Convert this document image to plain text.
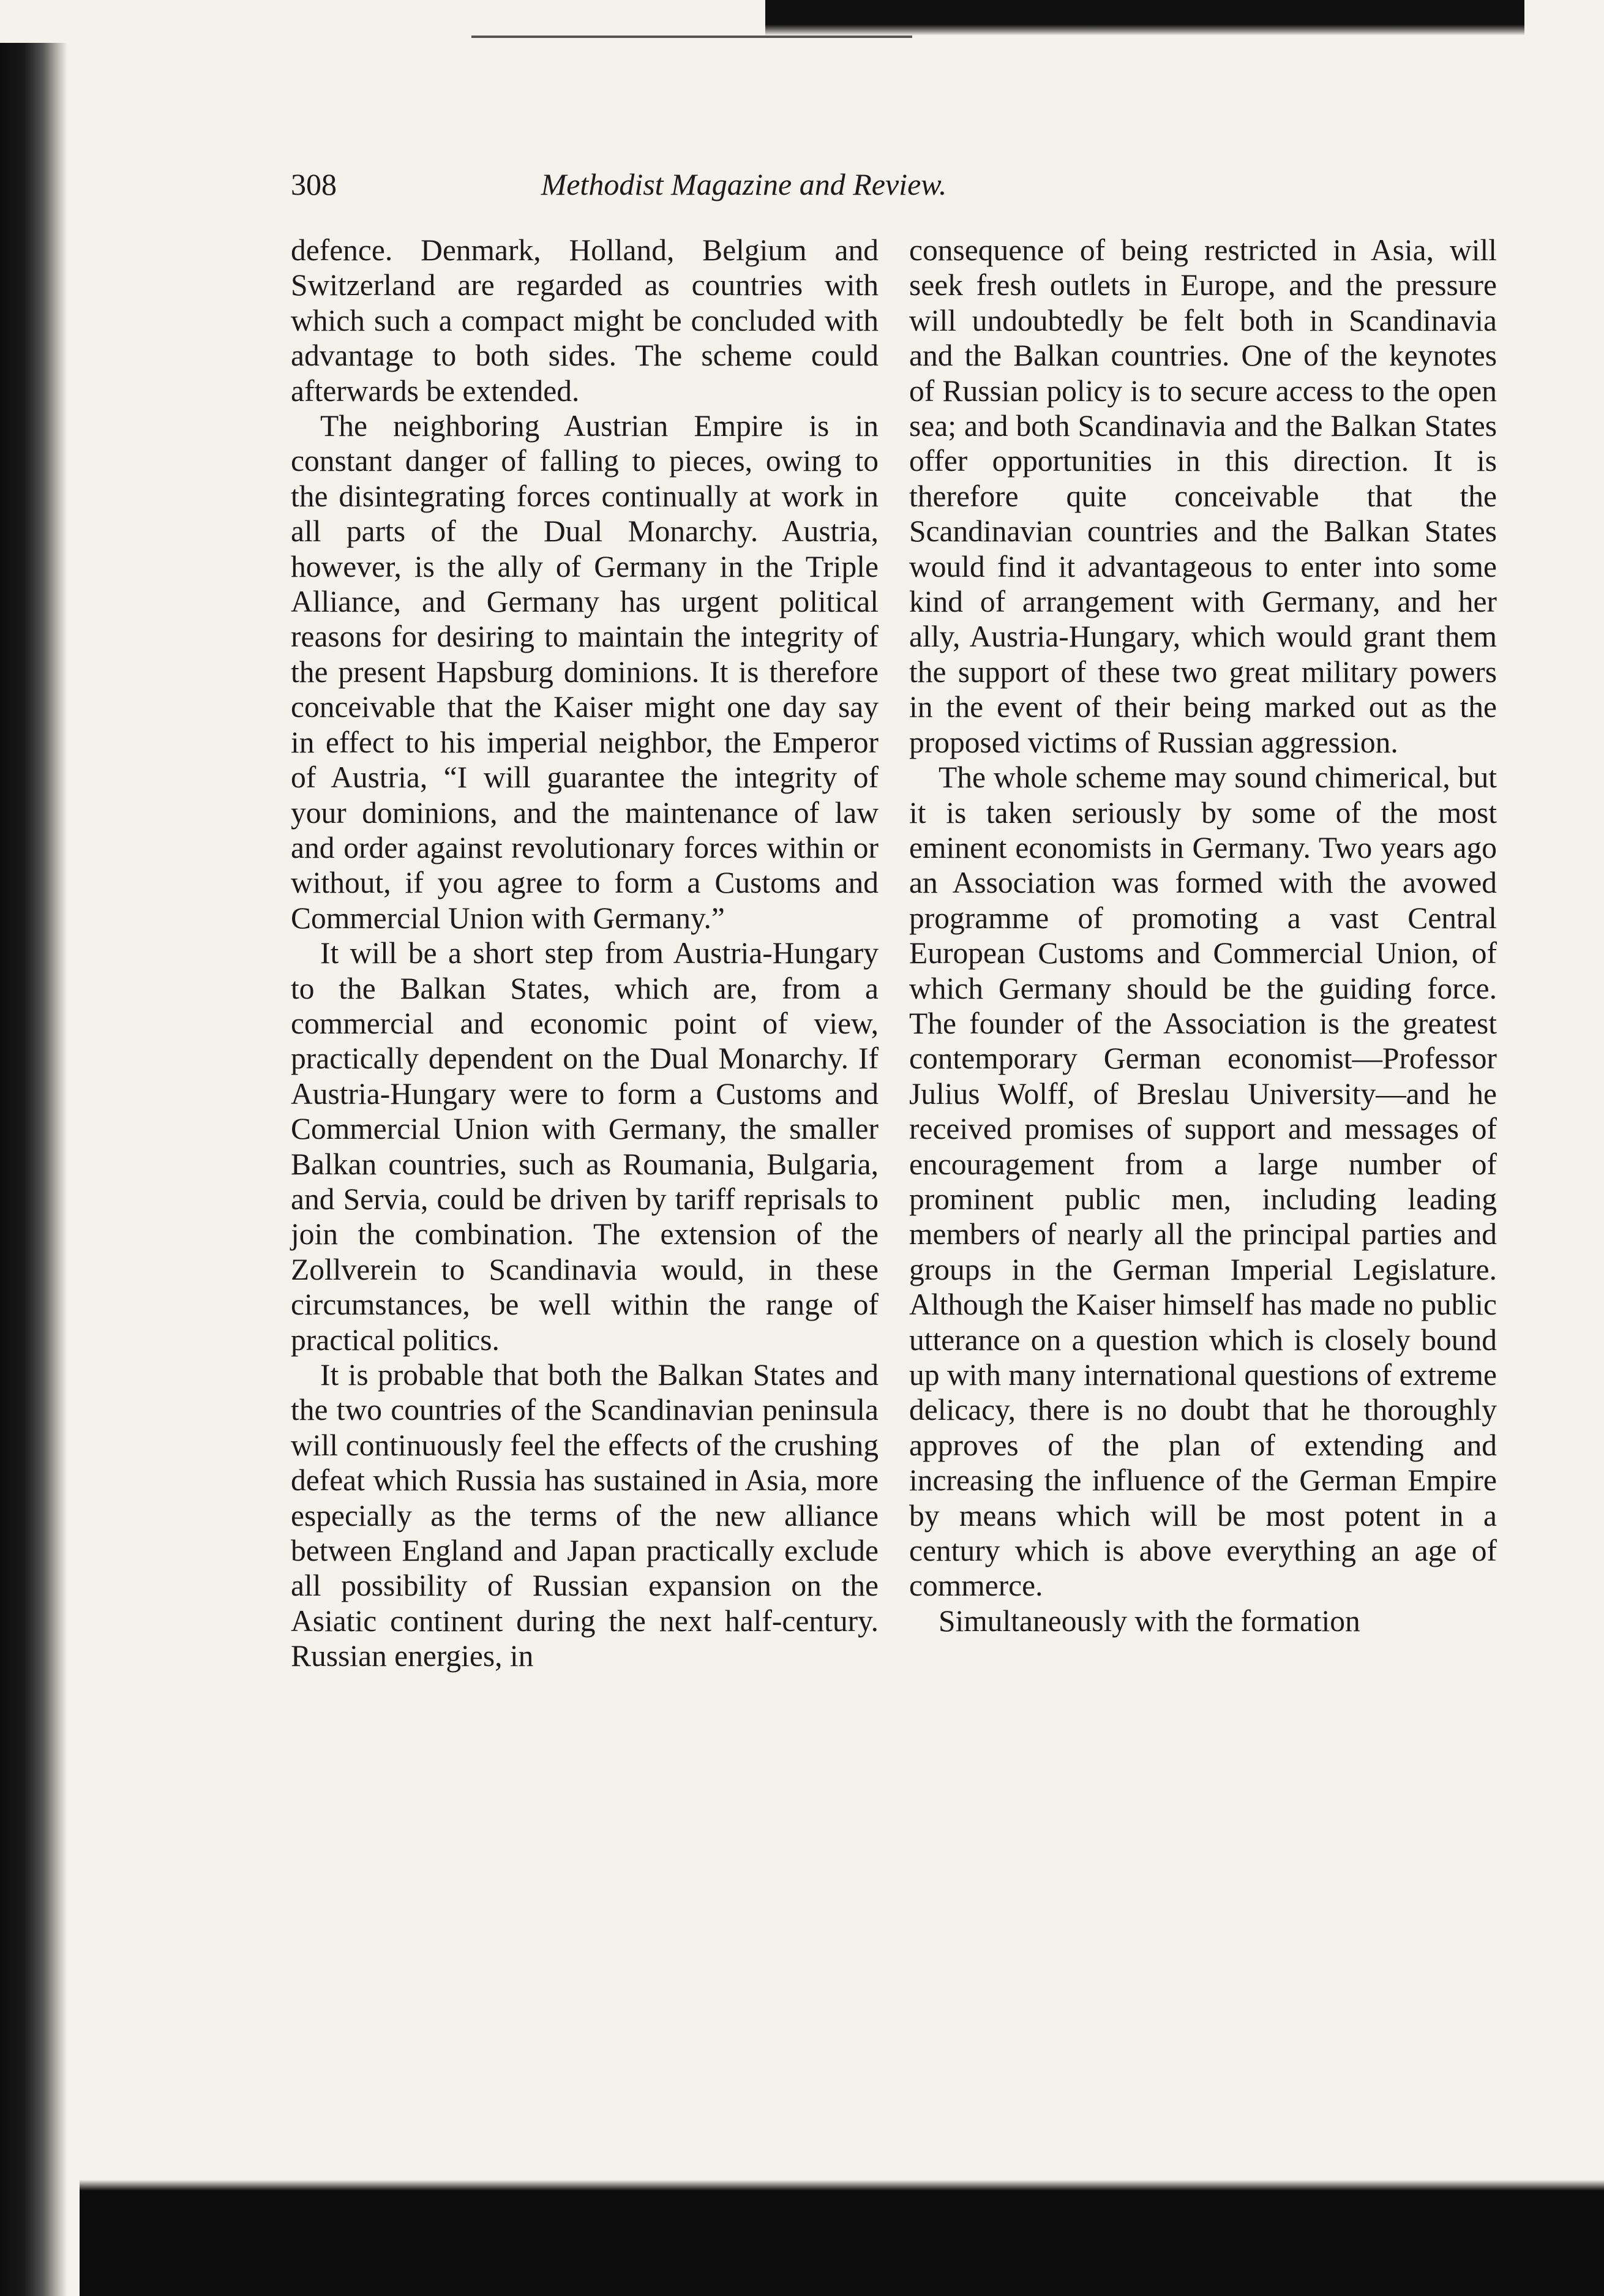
308	Methodist Magazine and Review.

defence. Denmark, Holland, Belgium and Switzerland are regarded as countries with which such a compact might be concluded with advantage to both sides. The scheme could afterwards be extended.

The neighboring Austrian Empire is in constant danger of falling to pieces, owing to the disintegrating forces continually at work in all parts of the Dual Monarchy. Austria, however, is the ally of Germany in the Triple Alliance, and Germany has urgent political reasons for desiring to maintain the integrity of the present Hapsburg dominions. It is therefore conceivable that the Kaiser might one day say in effect to his imperial neighbor, the Emperor of Austria, “I will guarantee the integrity of your dominions, and the maintenance of law and order against revolutionary forces within or without, if you agree to form a Customs and Commercial Union with Germany.”

It will be a short step from Austria-Hungary to the Balkan States, which are, from a commercial and economic point of view, practically dependent on the Dual Monarchy. If Austria-Hungary were to form a Customs and Commercial Union with Germany, the smaller Balkan countries, such as Roumania, Bulgaria, and Servia, could be driven by tariff reprisals to join the combination. The extension of the Zollverein to Scandinavia would, in these circumstances, be well within the range of practical politics.

It is probable that both the Balkan States and the two countries of the Scandinavian peninsula will continuously feel the effects of the crushing defeat which Russia has sustained in Asia, more especially as the terms of the new alliance between England and Japan practically exclude all possibility of Russian expansion on the Asiatic continent during the next half-century. Russian energies, in

consequence of being restricted in Asia, will seek fresh outlets in Europe, and the pressure will undoubtedly be felt both in Scandinavia and the Balkan countries. One of the keynotes of Russian policy is to secure access to the open sea; and both Scandinavia and the Balkan States offer opportunities in this direction. It is therefore quite conceivable that the Scandinavian countries and the Balkan States would find it advantageous to enter into some kind of arrangement with Germany, and her ally, Austria-Hungary, which would grant them the support of these two great military powers in the event of their being marked out as the proposed victims of Russian aggression.

The whole scheme may sound chimerical, but it is taken seriously by some of the most eminent economists in Germany. Two years ago an Association was formed with the avowed programme of promoting a vast Central European Customs and Commercial Union, of which Germany should be the guiding force. The founder of the Association is the greatest contemporary German economist—Professor Julius Wolff, of Breslau University—and he received promises of support and messages of encouragement from a large number of prominent public men, including leading members of nearly all the principal parties and groups in the German Imperial Legislature. Although the Kaiser himself has made no public utterance on a question which is closely bound up with many international questions of extreme delicacy, there is no doubt that he thoroughly approves of the plan of extending and increasing the influence of the German Empire by means which will be most potent in a century which is above everything an age of commerce.

Simultaneously with the formation
